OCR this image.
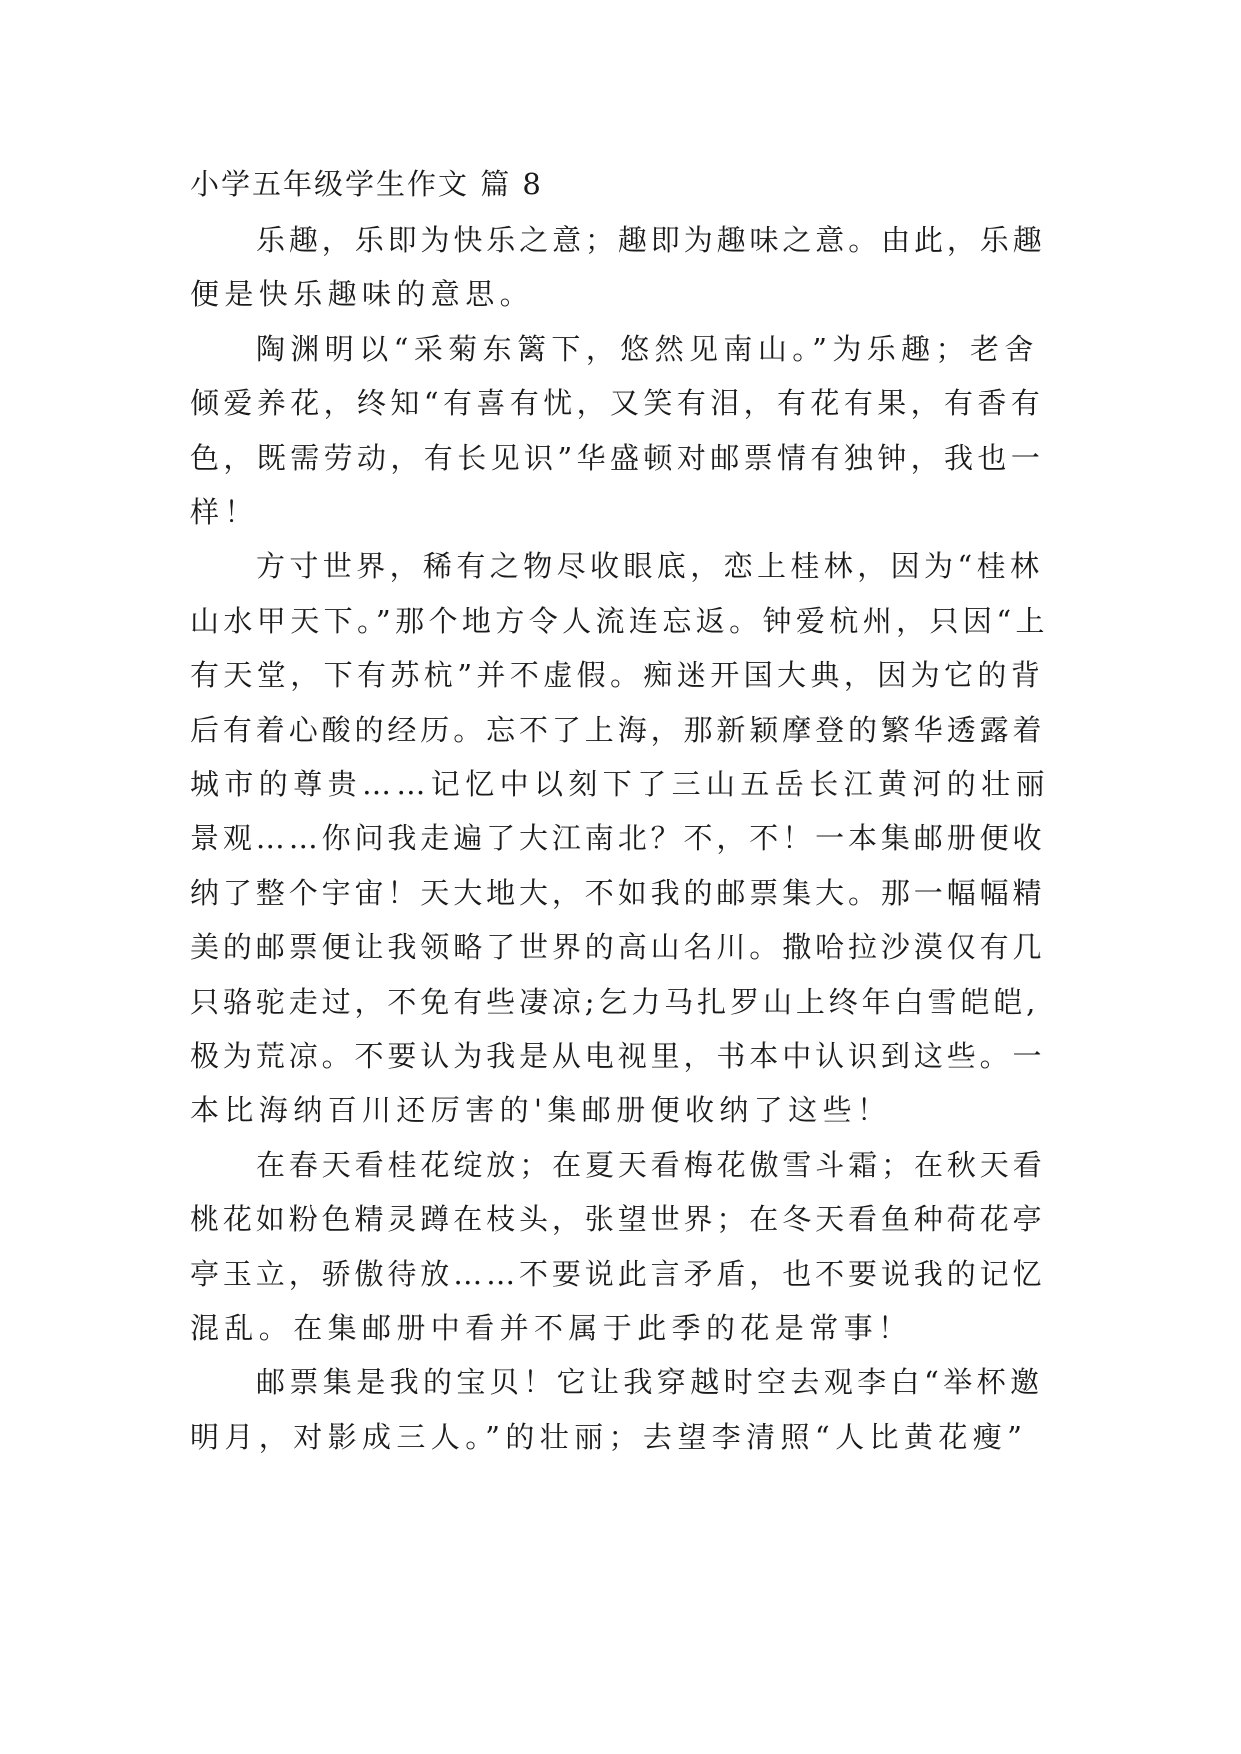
小学五年级学生作文 篇 8
乐趣，乐即为快乐之意；趣即为趣味之意。由此，乐趣
便是快乐趣味的意思。
陶渊明以“采菊东篱下，悠然见南山。”为乐趣；老舍
倾爱养花，终知“有喜有忧，又笑有泪，有花有果，有香有
色，既需劳动，有长见识”华盛顿对邮票情有独钟，我也一
样！
方寸世界，稀有之物尽收眼底，恋上桂林，因为“桂林
山水甲天下。”那个地方令人流连忘返。钟爱杭州，只因“上
有天堂，下有苏杭”并不虚假。痴迷开国大典，因为它的背
后有着心酸的经历。忘不了上海，那新颖摩登的繁华透露着
城市的尊贵……记忆中以刻下了三山五岳长江黄河的壮丽
景观……你问我走遍了大江南北？不，不！一本集邮册便收
纳了整个宇宙！天大地大，不如我的邮票集大。那一幅幅精
美的邮票便让我领略了世界的高山名川。撒哈拉沙漠仅有几
只骆驼走过，不免有些凄凉;乞力马扎罗山上终年白雪皑皑,
极为荒凉。不要认为我是从电视里，书本中认识到这些。一
本比海纳百川还厉害的'集邮册便收纳了这些！
在春天看桂花绽放；在夏天看梅花傲雪斗霜；在秋天看
桃花如粉色精灵蹲在枝头，张望世界；在冬天看鱼种荷花亭
亭玉立，骄傲待放……不要说此言矛盾，也不要说我的记忆
混乱。在集邮册中看并不属于此季的花是常事！
邮票集是我的宝贝！它让我穿越时空去观李白“举杯邀
明月，对影成三人。”的壮丽；去望李清照“人比黄花瘦”
